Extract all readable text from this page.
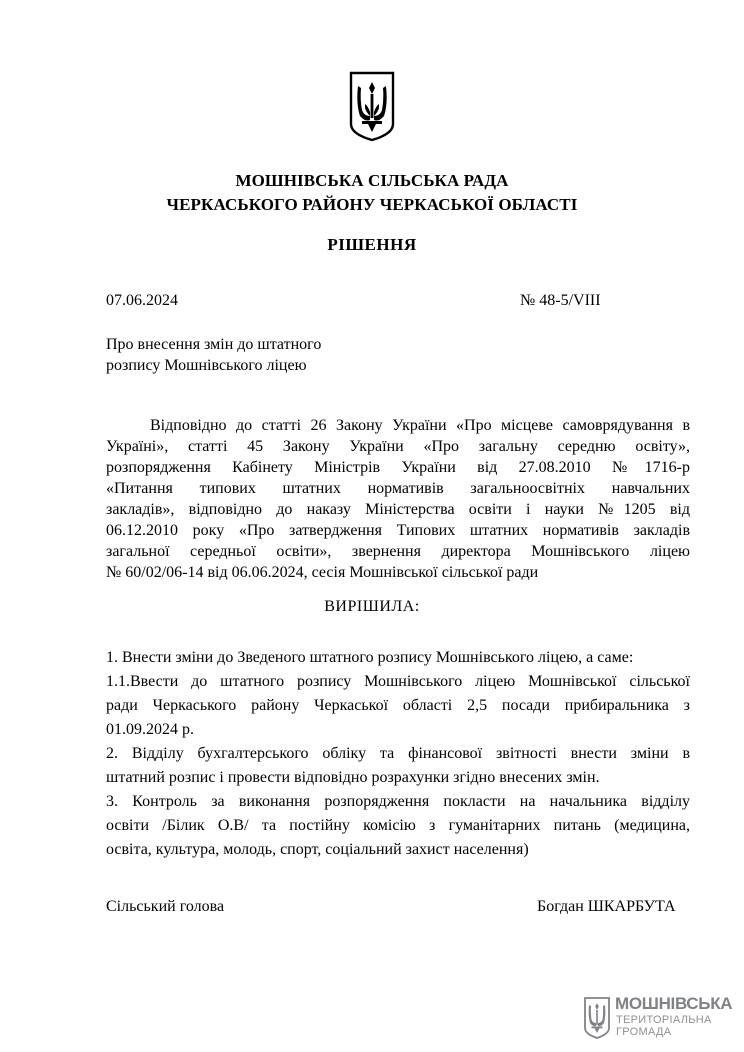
МОШНІВСЬКА СІЛЬСЬКА РАДА
ЧЕРКАСЬКОГО РАЙОНУ ЧЕРКАСЬКОЇ ОБЛАСТІ
РІШЕННЯ
07.06.2024	№ 48-5/VIII
Про внесення змін до штатного
розпису Мошнівського ліцею
Відповідно до статті 26 Закону України «Про місцеве самоврядування в
Україні», статті 45 Закону України «Про загальну середню освіту»,
розпорядження Кабінету Міністрів України від 27.08.2010 №1716-р
«Питання типових штатних нормативів загальноосвітніх навчальних
закладів», відповідно до наказу Міністерства освіти і науки №1205 від
06.12.2010 року «Про затвердження Типових штатних нормативів закладів
загальної середньої освіти», звернення директора Мошнівського ліцею
№ 60/02/06-14 від 06.06.2024, сесія Мошнівської сільської ради
ВИРІШИЛА:
1. Внести зміни до Зведеного штатного розпису Мошнівського ліцею, а саме:
1.1.Ввести до штатного розпису Мошнівського ліцею Мошнівської сільської
ради Черкаського району Черкаської області 2,5 посади прибиральника з
01.09.2024 р.
2. Відділу бухгалтерського обліку та фінансової звітності внести зміни в
штатний розпис і провести відповідно розрахунки згідно внесених змін.
3. Контроль за виконання розпорядження покласти на начальника відділу
освіти /Білик О.В/ та постійну комісію з гуманітарних питань (медицина,
освіта, культура, молодь, спорт, соціальний захист населення)
Сільський голова	Богдан ШКАРБУТА
МОШНІВСЬКА
ТЕРИТОРІАЛЬНА
ГРОМАДА
